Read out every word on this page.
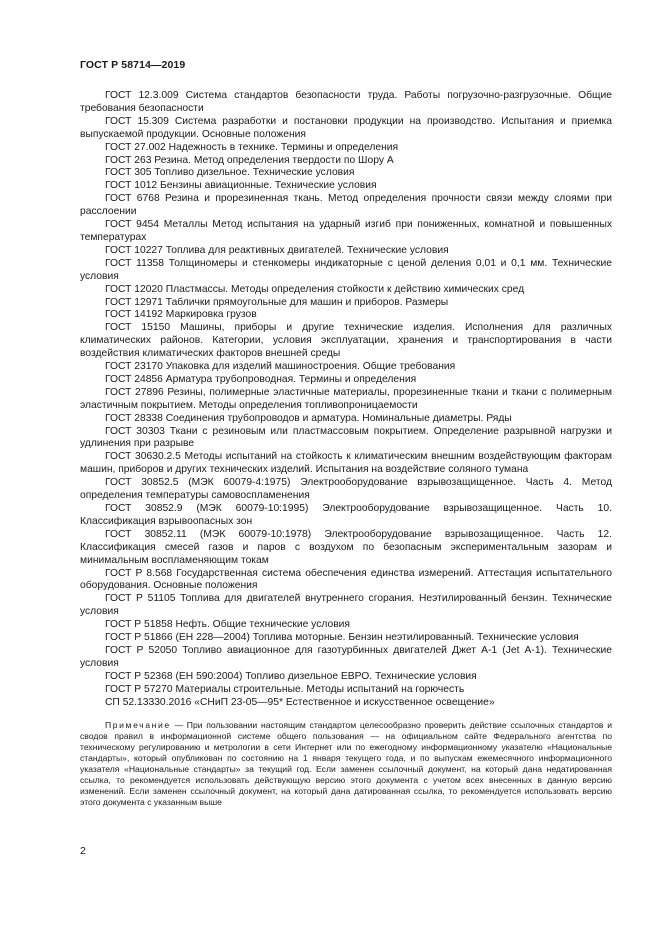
ГОСТ Р 58714—2019

ГОСТ 12.3.009 Система стандартов безопасности труда. Работы погрузочно-разгрузочные. Общие требования безопасности

ГОСТ 15.309 Система разработки и постановки продукции на производство. Испытания и приемка выпускаемой продукции. Основные положения

ГОСТ 27.002 Надежность в технике. Термины и определения

ГОСТ 263 Резина. Метод определения твердости по Шору А

ГОСТ 305 Топливо дизельное. Технические условия

ГОСТ 1012 Бензины авиационные. Технические условия

ГОСТ 6768 Резина и прорезиненная ткань. Метод определения прочности связи между слоями при расслоении

ГОСТ 9454 Металлы Метод испытания на ударный изгиб при пониженных, комнатной и повышенных температурах

ГОСТ 10227 Топлива для реактивных двигателей. Технические условия

ГОСТ 11358 Толщиномеры и стенкомеры индикаторные с ценой деления 0,01 и 0,1 мм. Технические условия

ГОСТ 12020 Пластмассы. Методы определения стойкости к действию химических сред

ГОСТ 12971 Таблички прямоугольные для машин и приборов. Размеры

ГОСТ 14192 Маркировка грузов

ГОСТ 15150 Машины, приборы и другие технические изделия. Исполнения для различных климатических районов. Категории, условия эксплуатации, хранения и транспортирования в части воздействия климатических факторов внешней среды

ГОСТ 23170 Упаковка для изделий машиностроения. Общие требования

ГОСТ 24856 Арматура трубопроводная. Термины и определения

ГОСТ 27896 Резины, полимерные эластичные материалы, прорезиненные ткани и ткани с полимерным эластичным покрытием. Методы определения топливопроницаемости

ГОСТ 28338 Соединения трубопроводов и арматура. Номинальные диаметры. Ряды

ГОСТ 30303 Ткани с резиновым или пластмассовым покрытием. Определение разрывной нагрузки и удлинения при разрыве

ГОСТ 30630.2.5 Методы испытаний на стойкость к климатическим внешним воздействующим факторам машин, приборов и других технических изделий. Испытания на воздействие соляного тумана

ГОСТ 30852.5 (МЭК 60079-4:1975) Электрооборудование взрывозащищенное. Часть 4. Метод определения температуры самовоспламенения

ГОСТ 30852.9 (МЭК 60079-10:1995) Электрооборудование взрывозащищенное. Часть 10. Классификация взрывоопасных зон

ГОСТ 30852.11 (МЭК 60079-10:1978) Электрооборудование взрывозащищенное. Часть 12. Классификация смесей газов и паров с воздухом по безопасным экспериментальным зазорам и минимальным воспламеняющим токам

ГОСТ Р 8.568 Государственная система обеспечения единства измерений. Аттестация испытательного оборудования. Основные положения

ГОСТ Р 51105 Топлива для двигателей внутреннего сгорания. Неэтилированный бензин. Технические условия

ГОСТ Р 51858 Нефть. Общие технические условия

ГОСТ Р 51866 (ЕН 228—2004) Топлива моторные. Бензин неэтилированный. Технические условия

ГОСТ Р 52050 Топливо авиационное для газотурбинных двигателей Джет А-1 (Jet А-1). Технические условия

ГОСТ Р 52368 (ЕН 590:2004) Топливо дизельное ЕВРО. Технические условия

ГОСТ Р 57270 Материалы строительные. Методы испытаний на горючесть

СП 52.13330.2016 «СНиП 23-05—95* Естественное и искусственное освещение»

Примечание — При пользовании настоящим стандартом целесообразно проверить действие ссылочных стандартов и сводов правил в информационной системе общего пользования — на официальном сайте Федерального агентства по техническому регулированию и метрологии в сети Интернет или по ежегодному информационному указателю «Национальные стандарты», который опубликован по состоянию на 1 января текущего года, и по выпускам ежемесячного информационного указателя «Национальные стандарты» за текущий год. Если заменен ссылочный документ, на который дана недатированная ссылка, то рекомендуется использовать действующую версию этого документа с учетом всех внесенных в данную версию изменений. Если заменен ссылочный документ, на который дана датированная ссылка, то рекомендуется использовать версию этого документа с указанным выше
2
